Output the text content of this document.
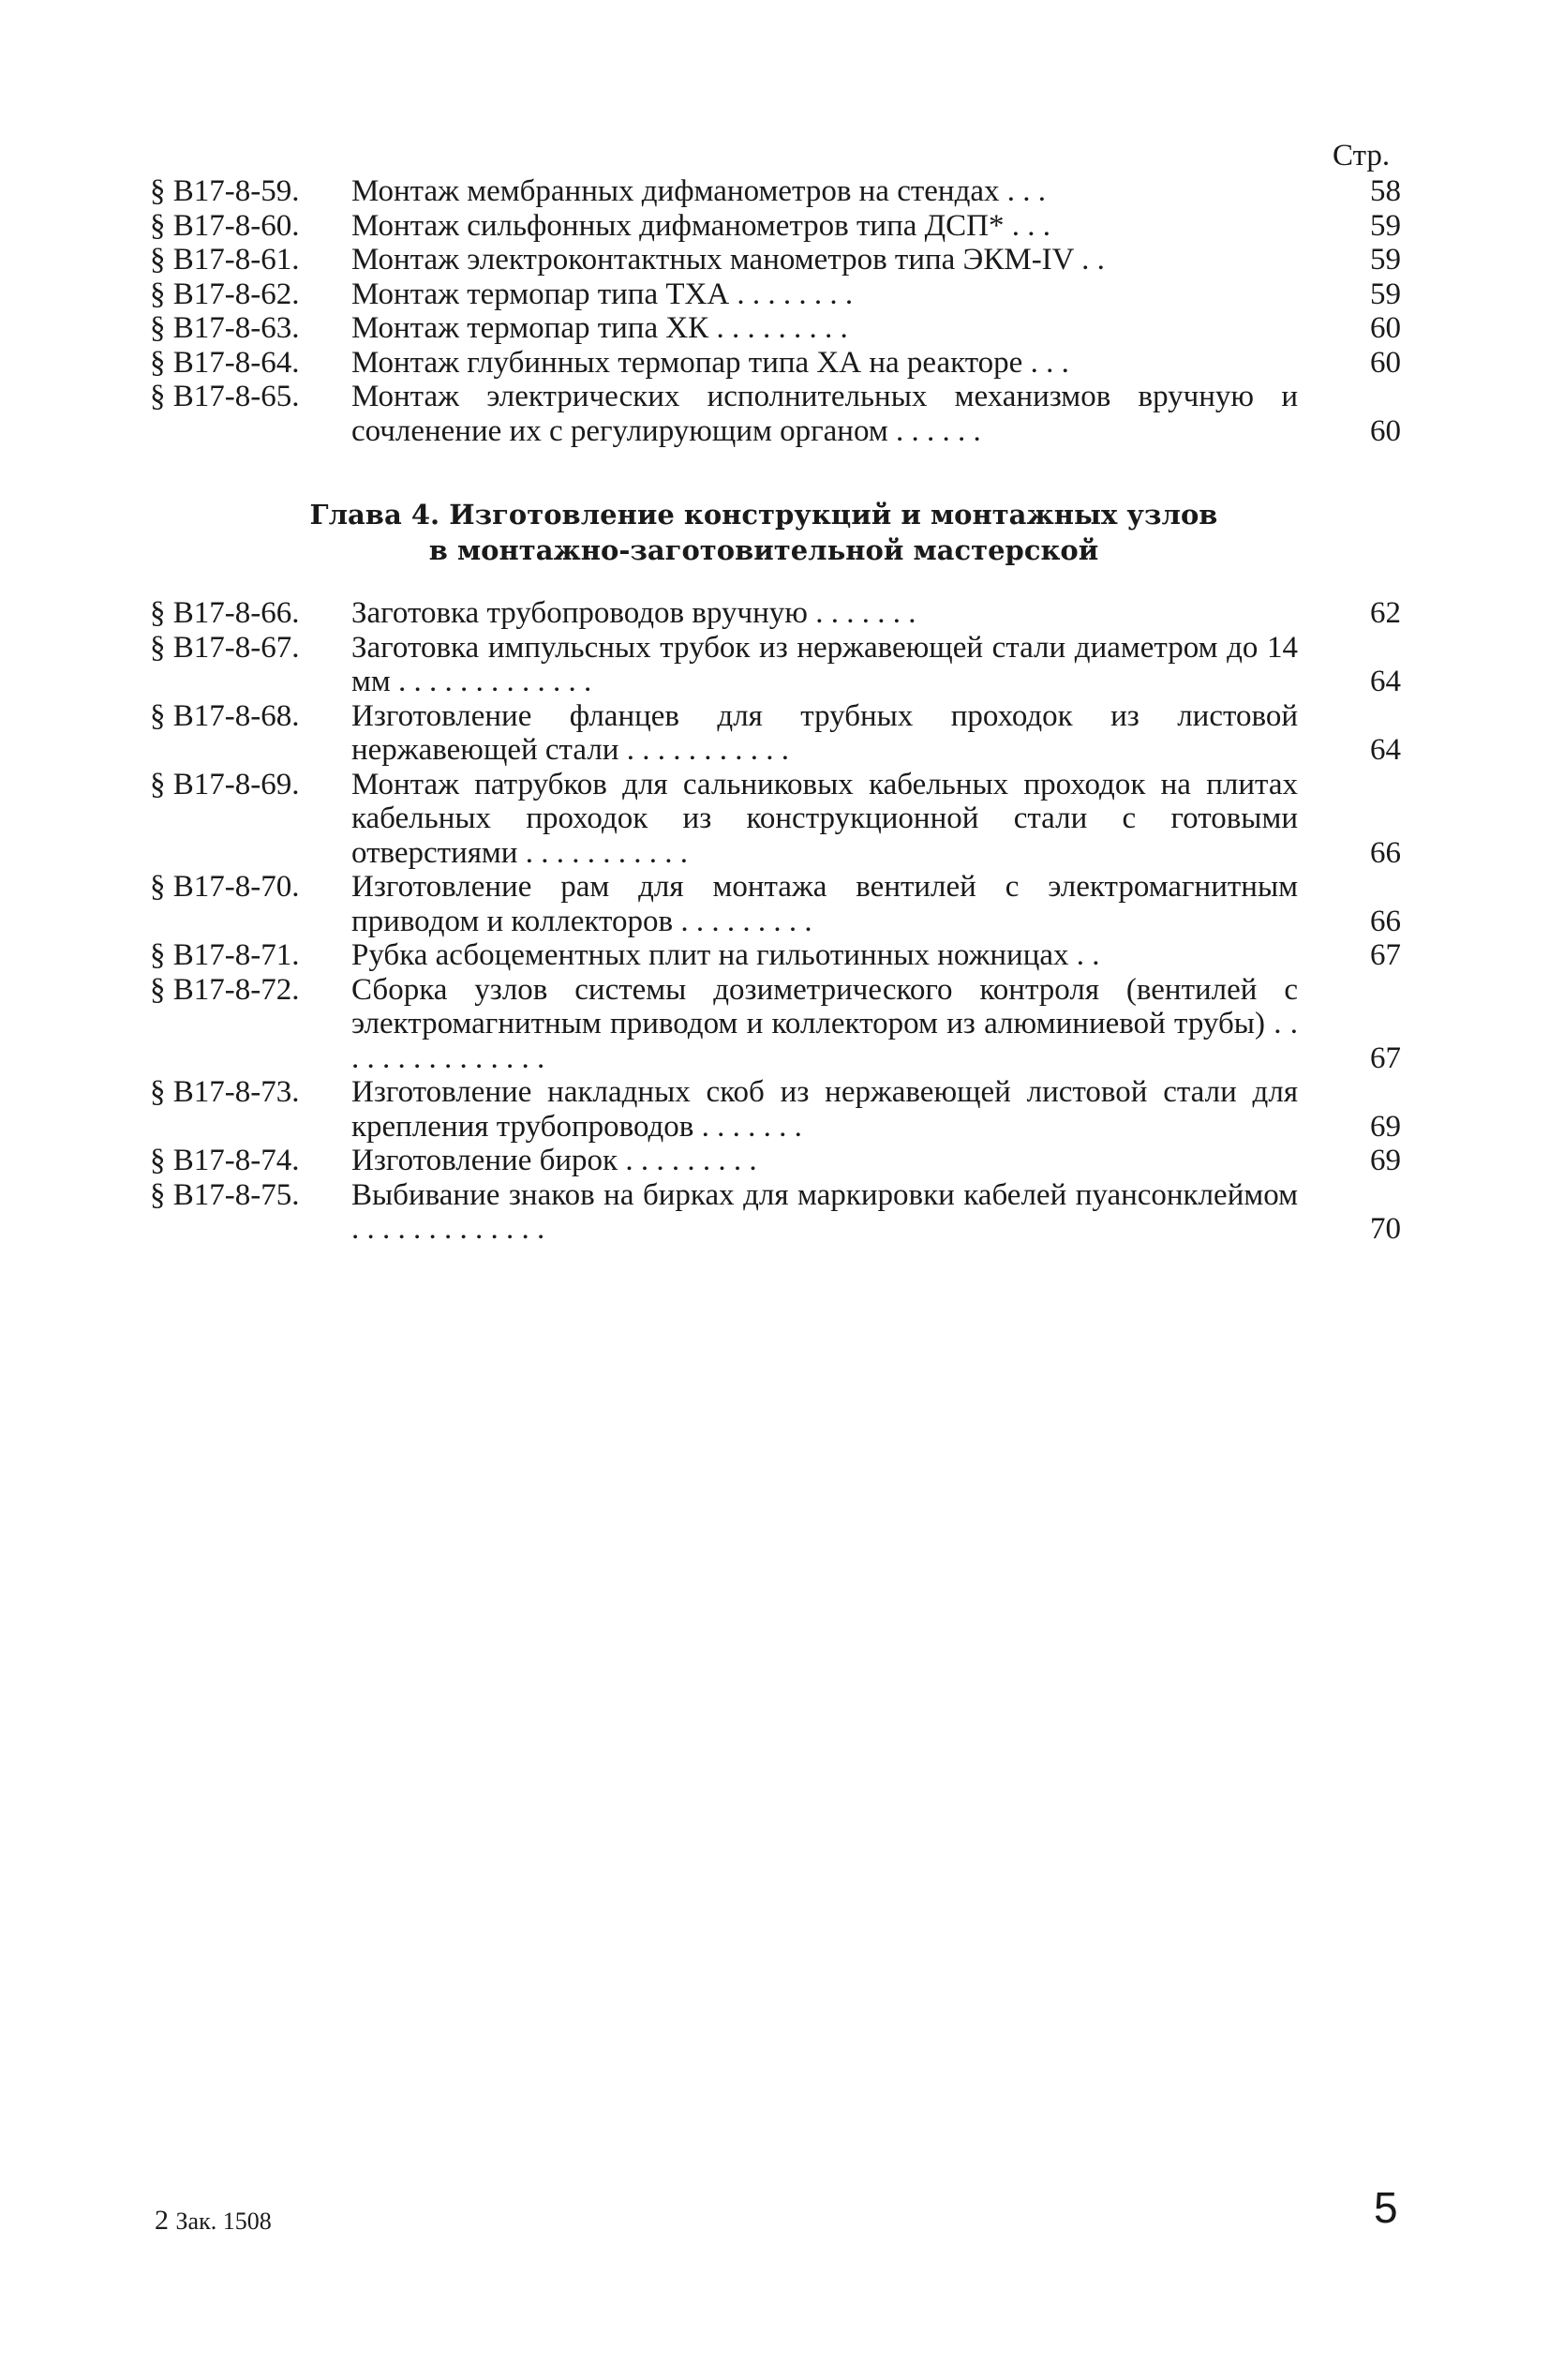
Стр.
§ В17-8-59.	Монтаж мембранных дифманометров на стендах . . .	58
§ В17-8-60.	Монтаж сильфонных дифманометров типа ДСП* . . .	59
§ В17-8-61.	Монтаж электроконтактных манометров типа ЭКМ-IV . .	59
§ В17-8-62.	Монтаж термопар типа ТХА . . . . . . . .	59
§ В17-8-63.	Монтаж термопар типа ХК . . . . . . . . .	60
§ В17-8-64.	Монтаж глубинных термопар типа ХА на реакторе . . .	60
§ В17-8-65.	Монтаж электрических исполнительных механизмов вручную и сочленение их с регулирующим органом . . . . . .	60
Глава 4. Изготовление конструкций и монтажных узлов
в монтажно-заготовительной мастерской
§ В17-8-66.	Заготовка трубопроводов вручную . . . . . . .	62
§ В17-8-67.	Заготовка импульсных трубок из нержавеющей стали диаметром до 14 мм . . . . . . . . . . . . .	64
§ В17-8-68.	Изготовление фланцев для трубных проходок из листовой нержавеющей стали . . . . . . . . . . .	64
§ В17-8-69.	Монтаж патрубков для сальниковых кабельных проходок на плитах кабельных проходок из конструкционной стали с готовыми отверстиями . . . . . . . . . . .	66
§ В17-8-70.	Изготовление рам для монтажа вентилей с электромагнитным приводом и коллекторов . . . . . . . . .	66
§ В17-8-71.	Рубка асбоцементных плит на гильотинных ножницах . .	67
§ В17-8-72.	Сборка узлов системы дозиметрического контроля (вентилей с электромагнитным приводом и коллектором из алюминиевой трубы) . . . . . . . . . . . . . . .	67
§ В17-8-73.	Изготовление накладных скоб из нержавеющей листовой стали для крепления трубопроводов . . . . . . .	69
§ В17-8-74.	Изготовление бирок . . . . . . . . .	69
§ В17-8-75.	Выбивание знаков на бирках для маркировки кабелей пуансонклеймом . . . . . . . . . . . . .	70
2 Зак. 1508	5
